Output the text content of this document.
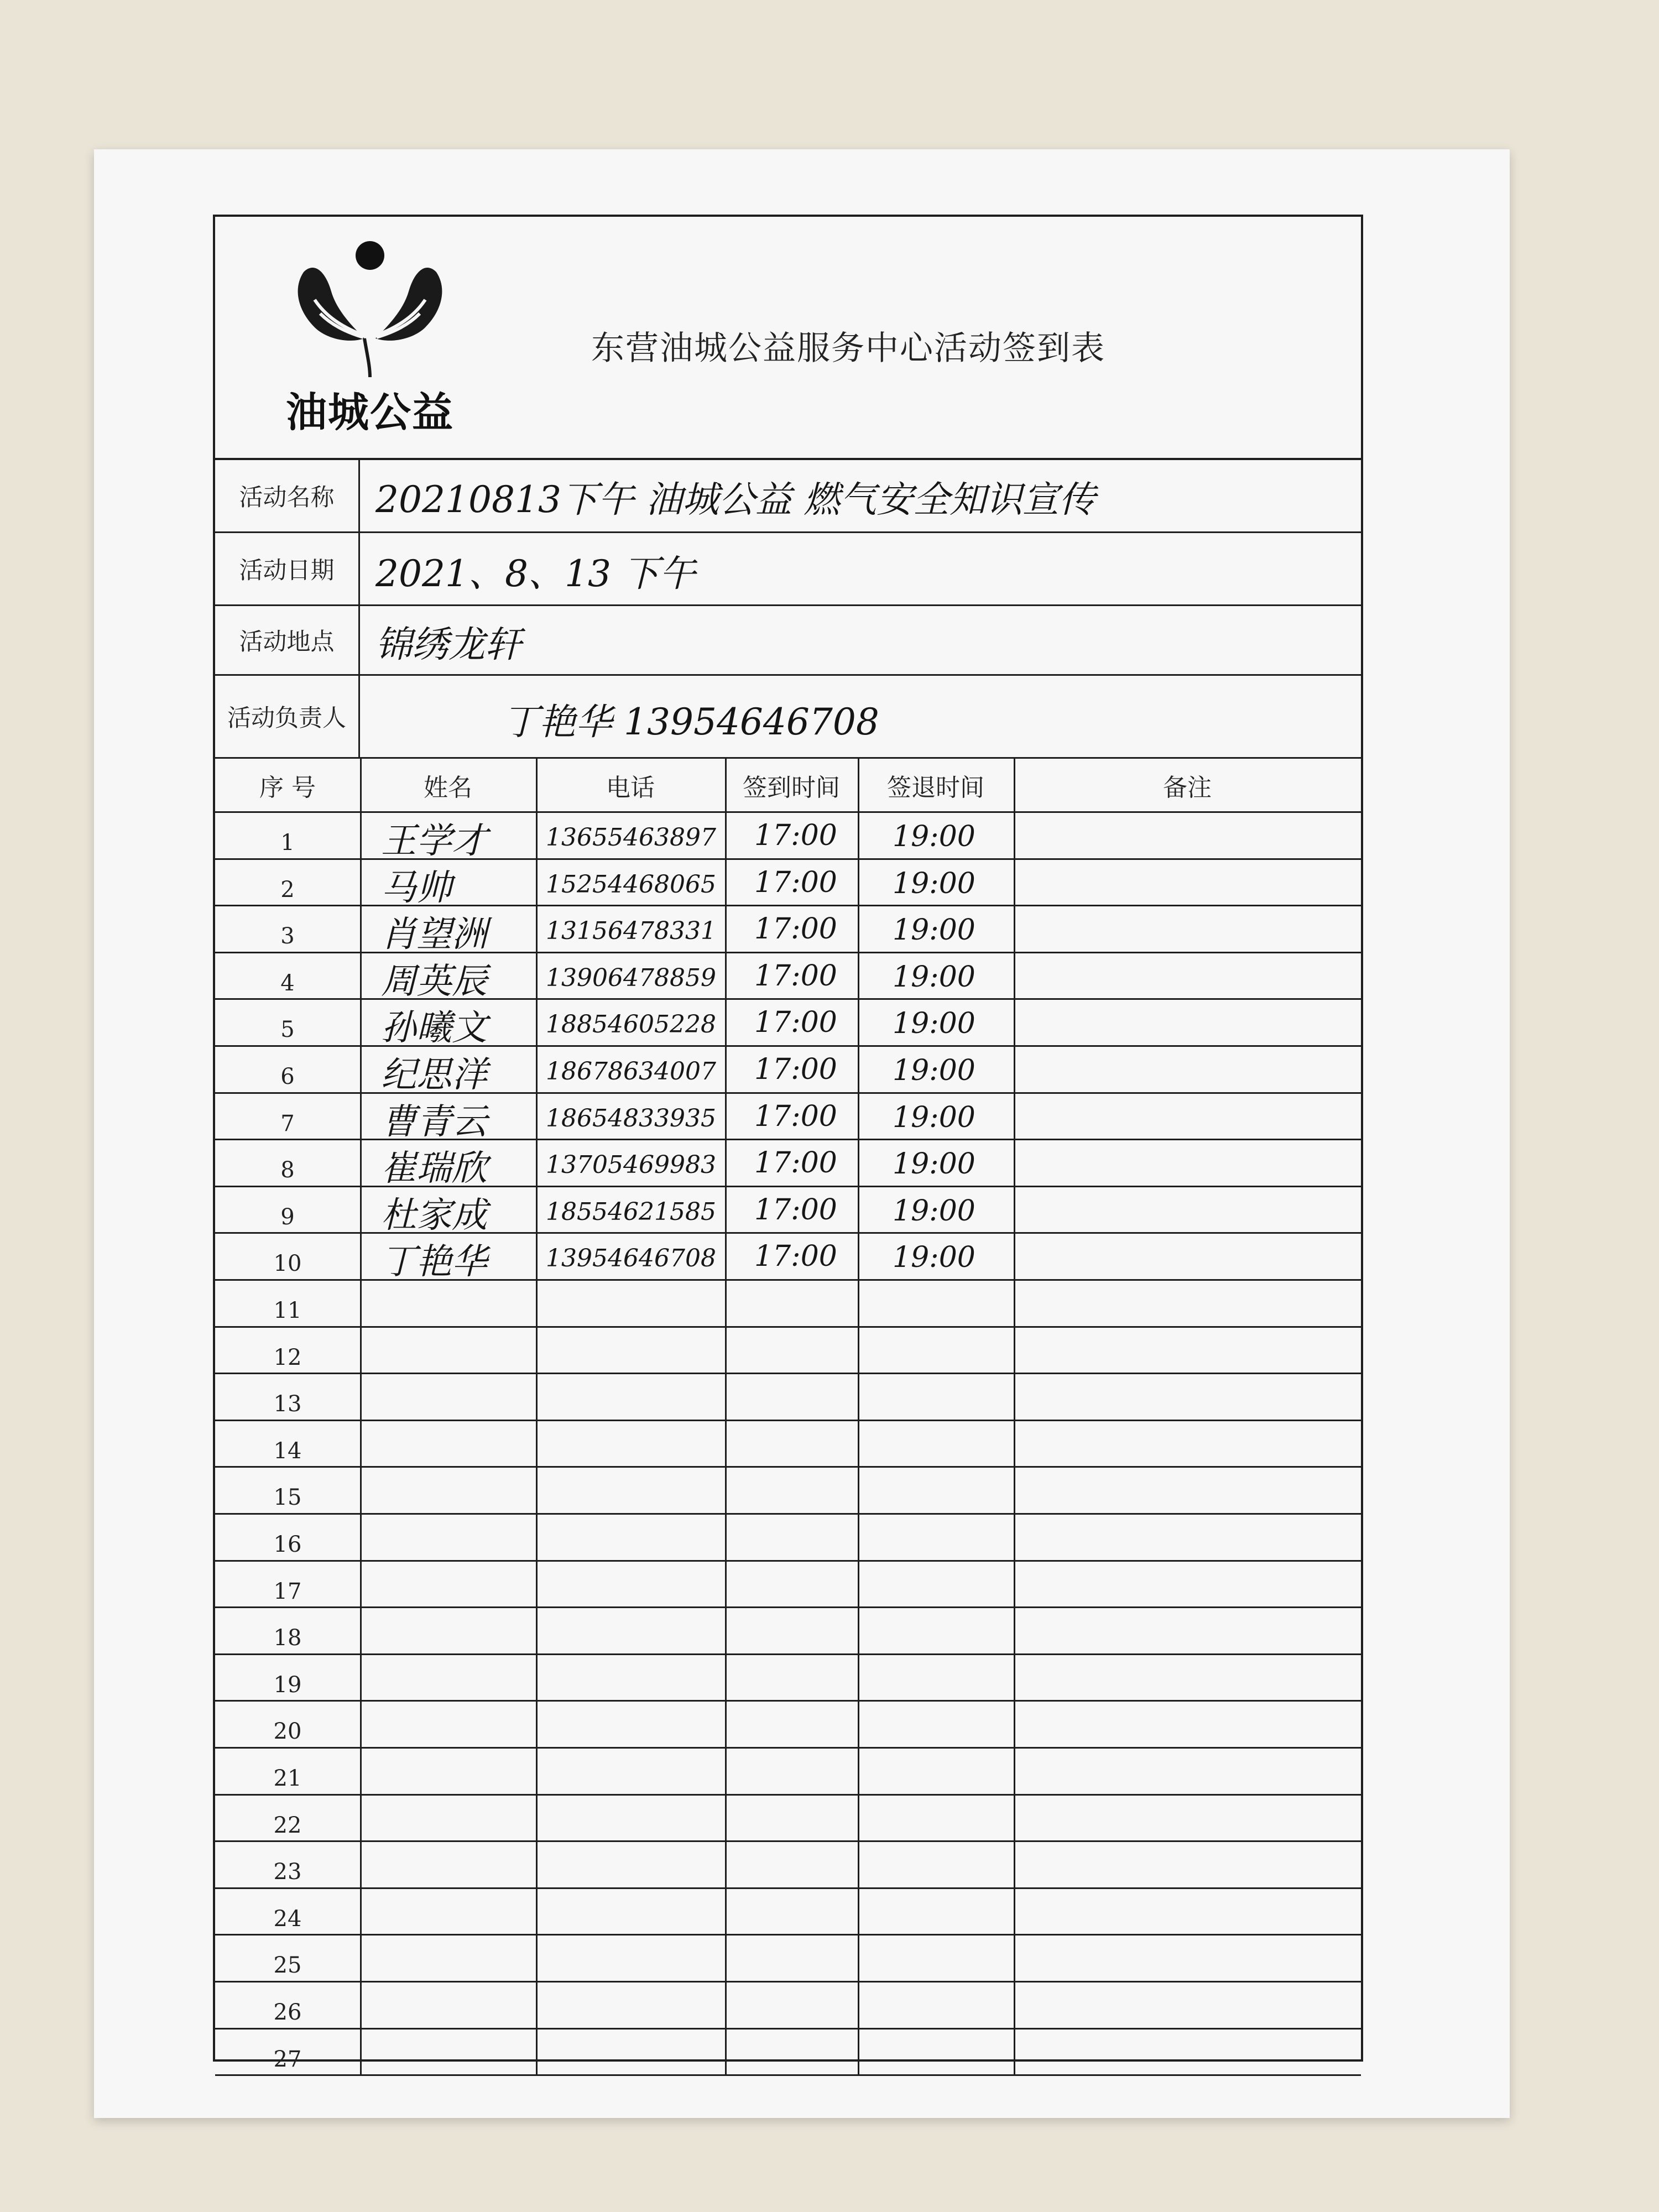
油城公益
东营油城公益服务中心活动签到表
活动名称	20210813下午 油城公益 燃气安全知识宣传
活动日期	2021、8、13 下午
活动地点	锦绣龙轩
活动负责人	丁艳华 13954646708
序 号	姓名	电话	签到时间	签退时间	备注
1	王学才 13655463897 17:00 19:00
2	马帅	15254468065 17:00 19:00
3	肖望洲 13156478331 17:00 19:00
4	周英辰 13906478859 17:00 19:00
5	孙曦文 18854605228 17:00 19:00
6	纪思洋 18678634007 17:00 19:00
7	曹青云 18654833935 17:00 19:00
8	崔瑞欣 13705469983 17:00 19:00
9	杜家成 18554621585 17:00 19:00
10	丁艳华 13954646708 17:00 19:00
11
12
13
14
15
16
17
18
19
20
21
22
23
24
25
26
27
